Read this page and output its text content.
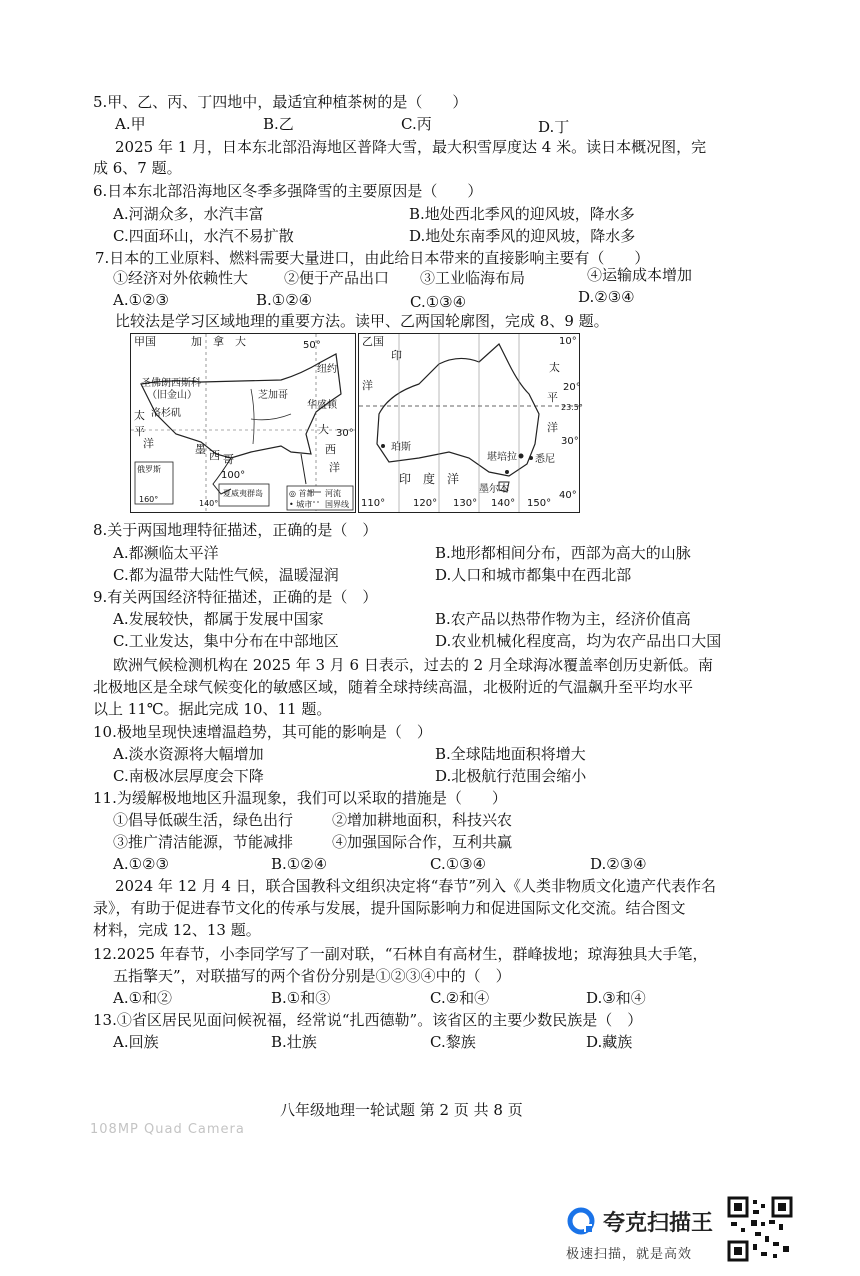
5.甲、乙、丙、丁四地中，最适宜种植茶树的是（　　）
A.甲	B.乙	C.丙	D.丁
2025 年 1 月，日本东北部沿海地区普降大雪，最大积雪厚度达 4 米。读日本概况图，完
成 6、7 题。
6.日本东北部沿海地区冬季多强降雪的主要原因是（　　）
A.河湖众多，水汽丰富	B.地处西北季风的迎风坡，降水多
C.四面环山，水汽不易扩散	D.地处东南季风的迎风坡，降水多
7.日本的工业原料、燃料需要大量进口，由此给日本带来的直接影响主要有（　　）
①经济对外依赖性大 ②便于产品出口 ③工业临海布局	④运输成本增加
A.①②③	B.①②④	C.①③④	D.②③④
比较法是学习区域地理的重要方法。读甲、乙两国轮廓图，完成 8、9 题。
甲国	加　拿　大	50°
圣佛朗西斯科
（旧金山）
洛杉矶
芝加哥
纽约
华盛顿
大
西
洋
30°
太
平
洋	墨 西 哥
俄罗斯
160°
100°
140°
夏威夷群岛	◎ 首都
• 城市
河流
国界线
乙国	10°
印
太
洋	20°
平
23.5°
洋
30°
珀斯
堪培拉 悉尼
印　度　洋
墨尔本
40°
110°	120° 130° 140° 150°
8.关于两国地理特征描述，正确的是（　）
A.都濒临太平洋	B.地形都相间分布，西部为高大的山脉
C.都为温带大陆性气候，温暖湿润	D.人口和城市都集中在西北部
9.有关两国经济特征描述，正确的是（　）
A.发展较快，都属于发展中国家	B.农产品以热带作物为主，经济价值高
C.工业发达，集中分布在中部地区	D.农业机械化程度高，均为农产品出口大国
欧洲气候检测机构在 2025 年 3 月 6 日表示，过去的 2 月全球海冰覆盖率创历史新低。南
北极地区是全球气候变化的敏感区域，随着全球持续高温，北极附近的气温飙升至平均水平
以上 11℃。据此完成 10、11 题。
10.极地呈现快速增温趋势，其可能的影响是（　）
A.淡水资源将大幅增加	B.全球陆地面积将增大
C.南极冰层厚度会下降	D.北极航行范围会缩小
11.为缓解极地地区升温现象，我们可以采取的措施是（　　）
①倡导低碳生活，绿色出行	②增加耕地面积，科技兴农
③推广清洁能源，节能减排	④加强国际合作，互利共赢
A.①②③	B.①②④	C.①③④	D.②③④
2024 年 12 月 4 日，联合国教科文组织决定将“春节”列入《人类非物质文化遗产代表作名
录》，有助于促进春节文化的传承与发展，提升国际影响力和促进国际文化交流。结合图文
材料，完成 12、13 题。
12.2025 年春节，小李同学写了一副对联，“石林自有高材生，群峰拔地；琼海独具大手笔，
五指擎天”，对联描写的两个省份分别是①②③④中的（　）
A.①和②	B.①和③	C.②和④	D.③和④
13.①省区居民见面问候祝福，经常说“扎西德勒”。该省区的主要少数民族是（　）
A.回族	B.壮族	C.黎族	D.藏族
八年级地理一轮试题 第 2 页 共 8 页
108MP Quad Camera
夸克扫描王
极速扫描，就是高效
